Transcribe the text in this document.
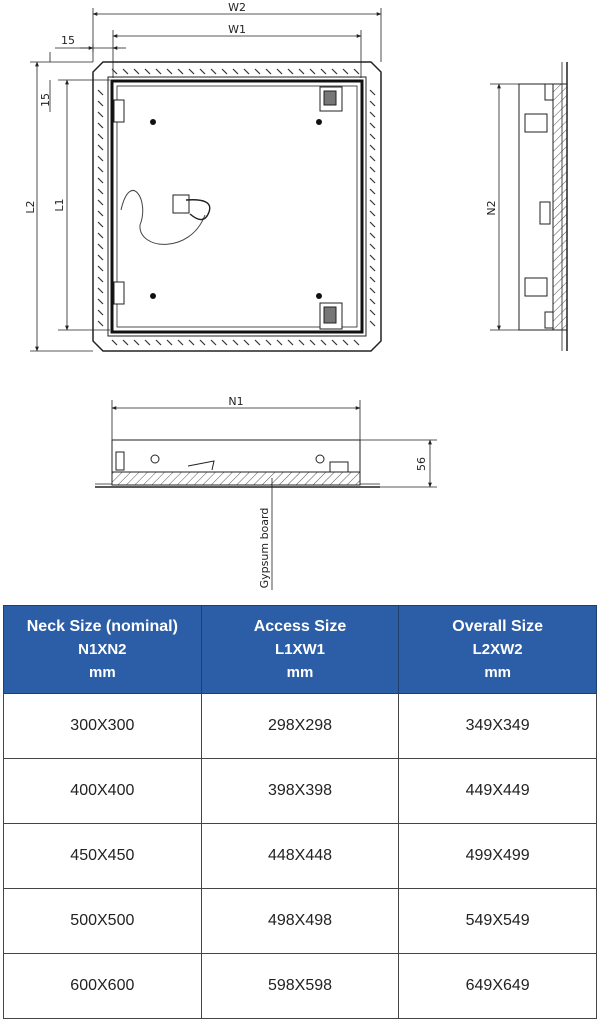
W2
W1
15
L2 L1
15
N2
N1
56
Gypsum board
Neck Size (nominal)
N1XN2
mm	Access Size
L1XW1
mm	Overall Size
L2XW2
mm

300X300	298X298	349X349
400X400	398X398	449X449
450X450	448X448	499X499
500X500	498X498	549X549
600X600	598X598	649X649
